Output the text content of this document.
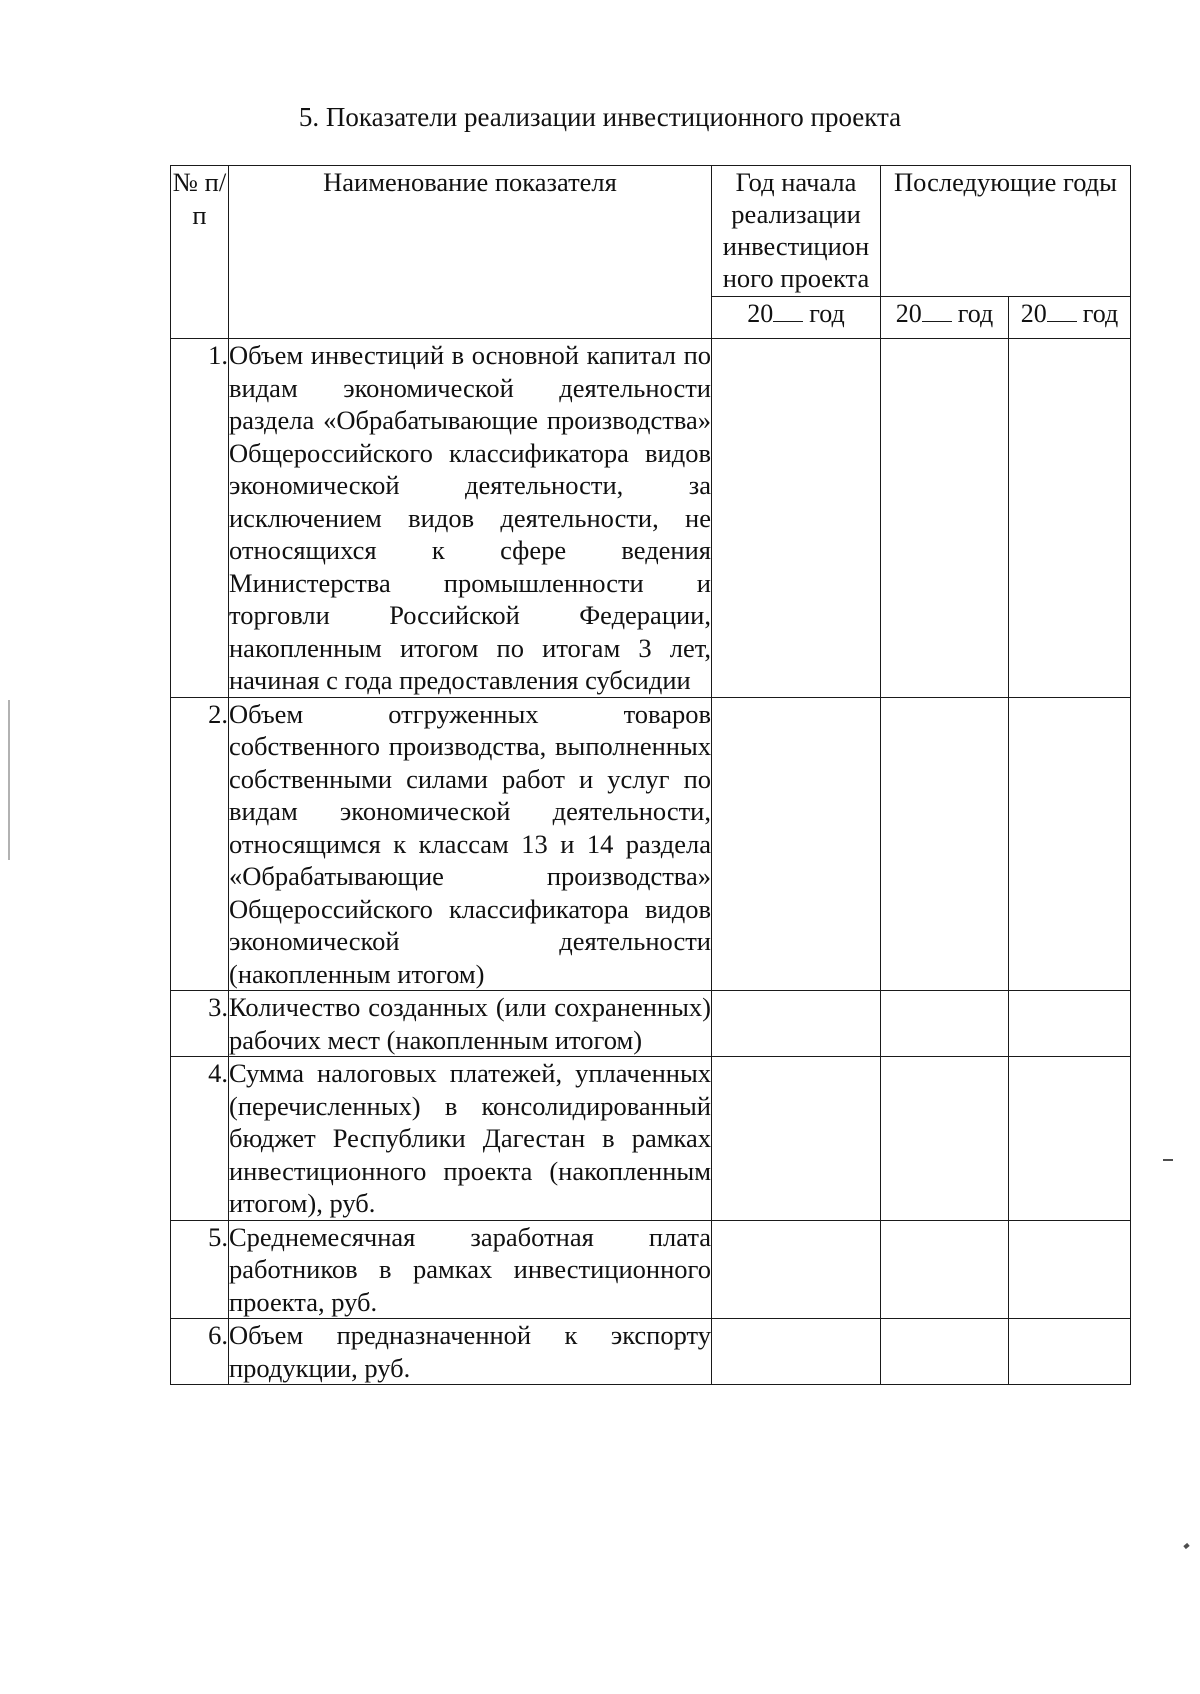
5. Показатели реализации инвестиционного проекта
№ п/п	Наименование показателя	Год начала реализации инвестицион ного проекта	Последующие годы	
		20 год	20 год	20 год
1.	Объем инвестиций в основной капитал по видам экономической деятельности раздела «Обрабатывающие производства» Общероссийского классификатора видов экономической деятельности, за исключением видов деятельности, не относящихся к сфере ведения Министерства промышленности и торговли Российской Федерации, накопленным итогом по итогам 3 лет, начиная с года предоставления субсидии			
2.	Объем отгруженных товаров собственного производства, выполненных собственными силами работ и услуг по видам экономической деятельности, относящимся к классам 13 и 14 раздела «Обрабатывающие производства» Общероссийского классификатора видов экономической деятельности (накопленным итогом)			
3.	Количество созданных (или сохраненных) рабочих мест (накопленным итогом)			
4.	Сумма налоговых платежей, уплаченных (перечисленных) в консолидированный бюджет Республики Дагестан в рамках инвестиционного проекта (накопленным итогом), руб.			
5.	Среднемесячная заработная плата работников в рамках инвестиционного проекта, руб.			
6.	Объем предназначенной к экспорту продукции, руб.			
